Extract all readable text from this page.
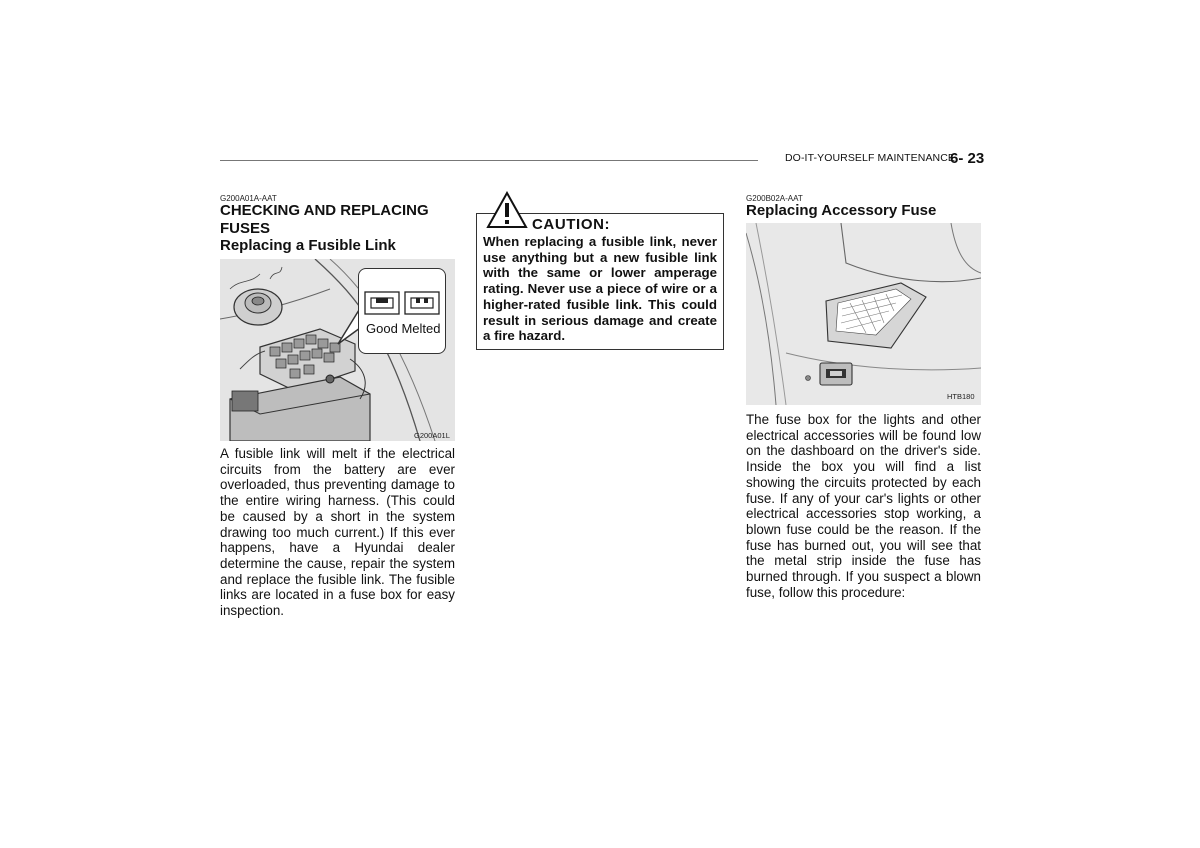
DO-IT-YOURSELF MAINTENANCE
6- 23
G200A01A-AAT
CHECKING AND REPLACING
FUSES
Replacing a Fusible Link
Good Melted
G200A01L

A fusible link will melt if the electrical circuits from the battery are ever overloaded, thus preventing damage to the entire wiring harness. (This could be caused by a short in the system drawing too much current.) If this ever happens, have a Hyundai dealer determine the cause, repair the system and replace the fusible link. The fusible links are located in a fuse box for easy inspection.

CAUTION:

When replacing a fusible link, never use anything but a new fusible link with the same or lower amperage rating. Never use a piece of wire or a higher-rated fusible link. This could result in serious damage and create a fire hazard.

G200B02A-AAT
Replacing Accessory Fuse
HTB180

The fuse box for the lights and other electrical accessories will be found low on the dashboard on the driver's side. Inside the box you will find a list showing the circuits protected by each fuse. If any of your car's lights or other electrical accessories stop working, a blown fuse could be the reason. If the fuse has burned out, you will see that the metal strip inside the fuse has burned through. If you suspect a blown fuse, follow this procedure:
